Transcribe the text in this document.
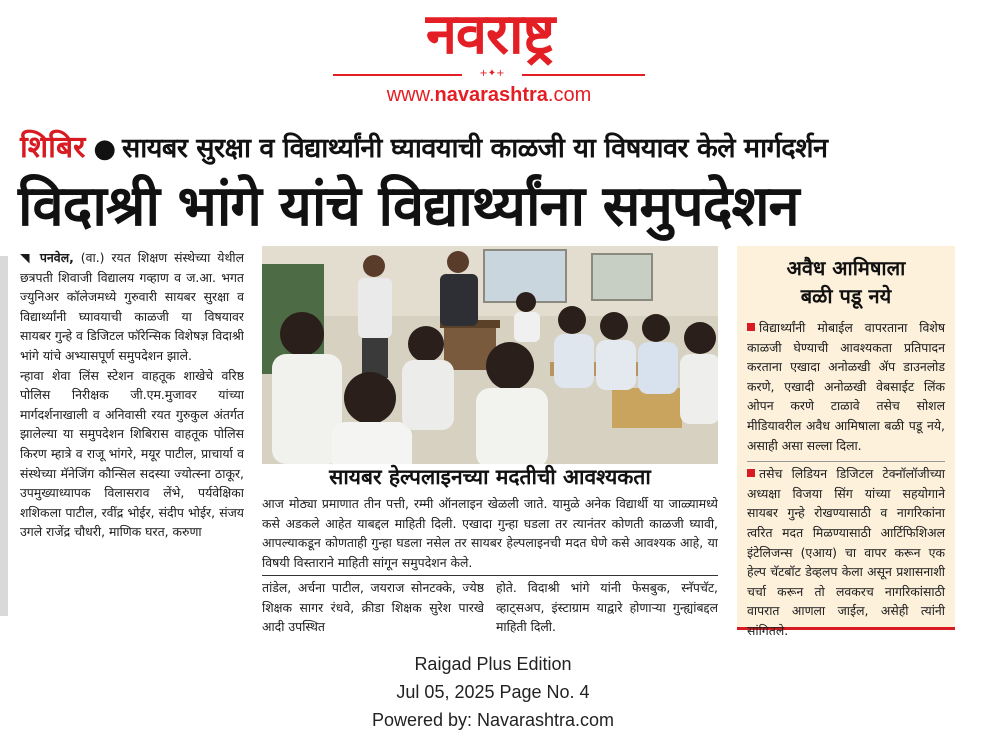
नवराष्ट्र
+✦+
www.navarashtra.com
शिबिर ● सायबर सुरक्षा व विद्यार्थ्यांनी घ्यावयाची काळजी या विषयावर केले मार्गदर्शन
विदाश्री भांगे यांचे विद्यार्थ्यांना समुपदेशन

◥ पनवेल, (वा.) रयत शिक्षण संस्थेच्या येथील छत्रपती शिवाजी विद्यालय गव्हाण व ज.आ. भगत ज्युनिअर कॉलेजमध्ये गुरुवारी सायबर सुरक्षा व विद्यार्थ्यांनी घ्यावयाची काळजी या विषयावर सायबर गुन्हे व डिजिटल फॉरेन्सिक विशेषज्ञ विदाश्री भांगे यांचे अभ्यासपूर्ण समुपदेशन झाले.

न्हावा शेवा लिंस स्टेशन वाहतूक शाखेचे वरिष्ठ पोलिस निरीक्षक जी.एम.मुजावर यांच्या मार्गदर्शनाखाली व अनिवासी रयत गुरुकुल अंतर्गत झालेल्या या समुपदेशन शिबिरास वाहतूक पोलिस किरण म्हात्रे व राजू भांगरे, मयूर पाटील, प्राचार्या व संस्थेच्या मॅनेजिंग कौन्सिल सदस्या ज्योत्स्ना ठाकूर, उपमुख्याध्यापक विलासराव लेंभे, पर्यवेक्षिका शशिकला पाटील, रवींद्र भोईर, संदीप भोईर, संजय उगले राजेंद्र चौधरी, माणिक घरत, करुणा

सायबर हेल्पलाइनच्या मदतीची आवश्यकता
आज मोठ्या प्रमाणात तीन पत्ती, रम्मी ऑनलाइन खेळली जाते. यामुळे अनेक विद्यार्थी या जाळ्यामध्ये कसे अडकले आहेत याबद्दल माहिती दिली. एखादा गुन्हा घडला तर त्यानंतर कोणती काळजी घ्यावी, आपल्याकडून कोणताही गुन्हा घडला नसेल तर सायबर हेल्पलाइनची मदत घेणे कसे आवश्यक आहे, या विषयी विस्ताराने माहिती सांगून समुपदेशन केले.
तांडेल, अर्चना पाटील, जयराज सोनटक्के, ज्येष्ठ शिक्षक सागर रंधवे, क्रीडा शिक्षक सुरेश पारखे आदी उपस्थित
होते. विदाश्री भांगे यांनी फेसबुक, स्नॅपचॅट, व्हाट्सअप, इंस्टाग्राम याद्वारे होणाऱ्या गुन्ह्यांबद्दल माहिती दिली.
अवैध आमिषाला
बळी पडू नये
विद्यार्थ्यांनी मोबाईल वापरताना विशेष काळजी घेण्याची आवश्यकता प्रतिपादन करताना एखादा अनोळखी ॲप डाउनलोड करणे, एखादी अनोळखी वेबसाईट लिंक ओपन करणे टाळावे तसेच सोशल मीडियावरील अवैध आमिषाला बळी पडू नये, असाही असा सल्ला दिला.
तसेच लिडियन डिजिटल टेक्नॉलॉजीच्या अध्यक्षा विजया सिंग यांच्या सहयोगाने सायबर गुन्हे रोखण्यासाठी व नागरिकांना त्वरित मदत मिळण्यासाठी आर्टिफिशिअल इंटेलिजन्स (एआय) चा वापर करून एक हेल्प चॅटबॉट डेव्हलप केला असून प्रशासनाशी चर्चा करून तो लवकरच नागरिकांसाठी वापरात आणला जाईल, असेही त्यांनी सांगितले.
Raigad Plus Edition
Jul 05, 2025 Page No. 4
Powered by: Navarashtra.com
